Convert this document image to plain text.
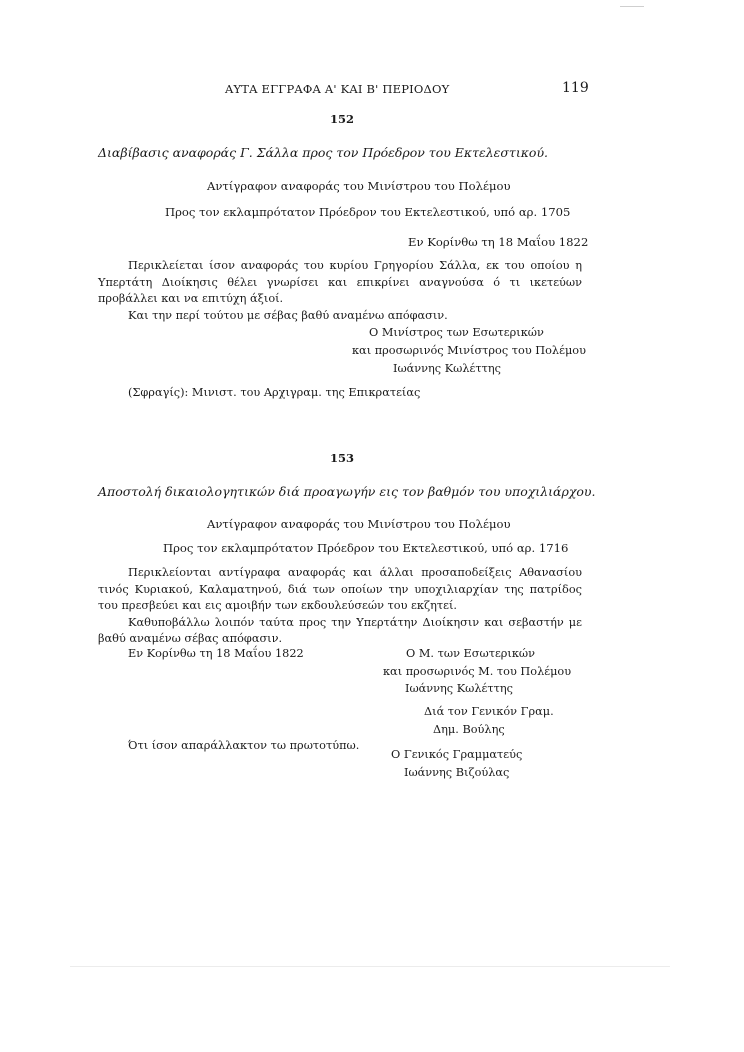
ΑΥΤΑ ΕΓΓΡΑΦΑ Α' ΚΑΙ Β' ΠΕΡΙΟΔΟΥ	119
152
Διαβίβασις αναφοράς Γ. Σάλλα προς τον Πρόεδρον του Εκτελεστικού.
Αντίγραφον αναφοράς του Μινίστρου του Πολέμου
Προς τον εκλαμπρότατον Πρόεδρον του Εκτελεστικού, υπό αρ. 1705
Εν Κορίνθω τη 18 Μαΐου 1822

Περικλείεται ίσον αναφοράς του κυρίου Γρηγορίου Σάλλα, εκ του οποίου η Υπερτάτη Διοίκησις θέλει γνωρίσει και επικρίνει αναγνούσα ό τι ικετεύων προβάλλει και να επιτύχη άξιοί.

Και την περί τούτου με σέβας βαθύ αναμένω απόφασιν.

Ο Μινίστρος των Εσωτερικών
και προσωρινός Μινίστρος του Πολέμου
Ιωάννης Κωλέττης
(Σφραγίς): Μινιστ. του Αρχιγραμ. της Επικρατείας
153
Αποστολή δικαιολογητικών διά προαγωγήν εις τον βαθμόν του υποχιλιάρχου.
Αντίγραφον αναφοράς του Μινίστρου του Πολέμου
Προς τον εκλαμπρότατον Πρόεδρον του Εκτελεστικού, υπό αρ. 1716

Περικλείονται αντίγραφα αναφοράς και άλλαι προσαποδείξεις Αθανασίου τινός Κυριακού, Καλαματηνού, διά των οποίων την υποχιλιαρχίαν της πατρίδος του πρεσβεύει και εις αμοιβήν των εκδουλεύσεών του εκζητεί.

Καθυποβάλλω λοιπόν ταύτα προς την Υπερτάτην Διοίκησιν και σεβαστήν με βαθύ αναμένω σέβας απόφασιν.

Εν Κορίνθω τη 18 Μαΐου 1822	Ο Μ. των Εσωτερικών
και προσωρινός Μ. του Πολέμου
Ιωάννης Κωλέττης
Διά τον Γενικόν Γραμ.
Δημ. Βούλης
Ότι ίσον απαράλλακτον τω πρωτοτύπω.
Ο Γενικός Γραμματεύς
Ιωάννης Βιζούλας
